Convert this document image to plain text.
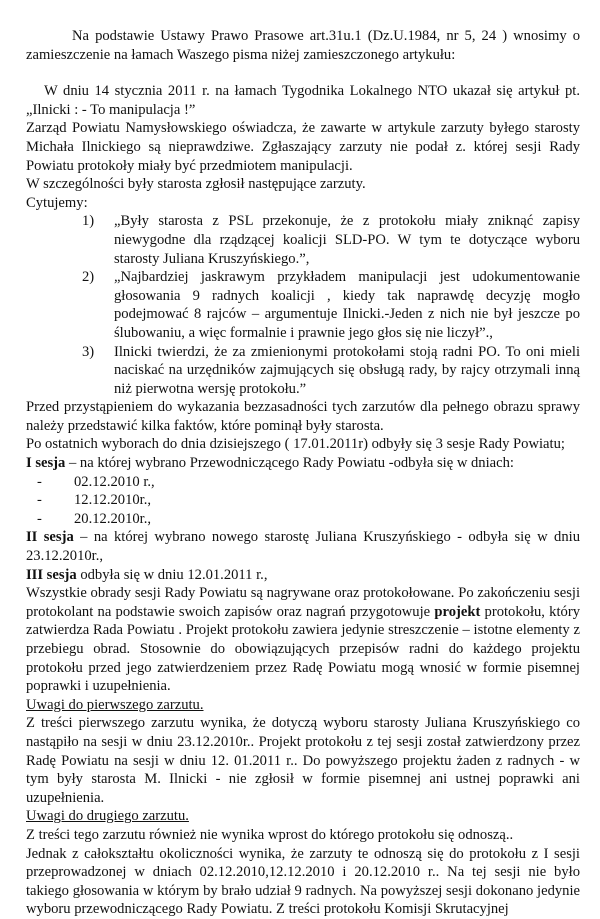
Na podstawie Ustawy Prawo Prasowe art.31u.1 (Dz.U.1984, nr 5, 24 ) wnosimy o zamieszczenie na łamach Waszego pisma niżej zamieszczonego artykułu:

W dniu 14 stycznia 2011 r. na łamach Tygodnika Lokalnego NTO ukazał się artykuł pt. „Ilnicki : - To manipulacja !”

Zarząd Powiatu Namysłowskiego oświadcza, że zawarte w artykule zarzuty byłego starosty Michała Ilnickiego są nieprawdziwe. Zgłaszający zarzuty nie podał z. której sesji Rady Powiatu protokoły miały być przedmiotem manipulacji.

W szczególności były starosta zgłosił następujące zarzuty.

Cytujemy:

1) „Były starosta z PSL przekonuje, że z protokołu miały zniknąć zapisy niewygodne dla rządzącej koalicji SLD-PO. W tym te dotyczące wyboru starosty Juliana Kruszyńskiego.”,
2) „Najbardziej jaskrawym przykładem manipulacji jest udokumentowanie głosowania 9 radnych koalicji , kiedy tak naprawdę decyzję mogło podejmować 8 rajców – argumentuje Ilnicki.-Jeden z nich nie był jeszcze po ślubowaniu, a więc formalnie i prawnie jego głos się nie liczył”.,
3) Ilnicki twierdzi, że za zmienionymi protokołami stoją radni PO. To oni mieli naciskać na urzędników zajmujących się obsługą rady, by rajcy otrzymali inną niż pierwotna wersję protokołu.”

Przed przystąpieniem do wykazania bezzasadności tych zarzutów dla pełnego obrazu sprawy należy przedstawić kilka faktów, które pominął były starosta.

Po ostatnich wyborach do dnia dzisiejszego ( 17.01.2011r) odbyły się 3 sesje Rady Powiatu;

I sesja – na której wybrano Przewodniczącego Rady Powiatu -odbyła się w dniach:

- 02.12.2010 r.,
- 12.12.2010r.,
- 20.12.2010r.,

II sesja – na której wybrano nowego starostę Juliana Kruszyńskiego - odbyła się w dniu 23.12.2010r.,

III sesja odbyła się w dniu 12.01.2011 r.,

Wszystkie obrady sesji Rady Powiatu są nagrywane oraz protokołowane. Po zakończeniu sesji protokolant na podstawie swoich zapisów oraz nagrań przygotowuje projekt protokołu, który zatwierdza Rada Powiatu . Projekt protokołu zawiera jedynie streszczenie – istotne elementy z przebiegu obrad. Stosownie do obowiązujących przepisów radni do każdego projektu protokołu przed jego zatwierdzeniem przez Radę Powiatu mogą wnosić w formie pisemnej poprawki i uzupełnienia.

Uwagi do pierwszego zarzutu.

Z treści pierwszego zarzutu wynika, że dotyczą wyboru starosty Juliana Kruszyńskiego co nastąpiło na sesji w dniu 23.12.2010r.. Projekt protokołu z tej sesji został zatwierdzony przez Radę Powiatu na sesji w dniu 12. 01.2011 r.. Do powyższego projektu żaden z radnych - w tym były starosta M. Ilnicki - nie zgłosił w formie pisemnej ani ustnej poprawki ani uzupełnienia.

Uwagi do drugiego zarzutu.

Z treści tego zarzutu również nie wynika wprost do którego protokołu się odnoszą..

Jednak z całokształtu okoliczności wynika, że zarzuty te odnoszą się do protokołu z I sesji przeprowadzonej w dniach 02.12.2010,12.12.2010 i 20.12.2010 r.. Na tej sesji nie było takiego głosowania w którym by brało udział 9 radnych. Na powyższej sesji dokonano jedynie wyboru przewodniczącego Rady Powiatu. Z treści protokołu Komisji Skrutacyjnej
